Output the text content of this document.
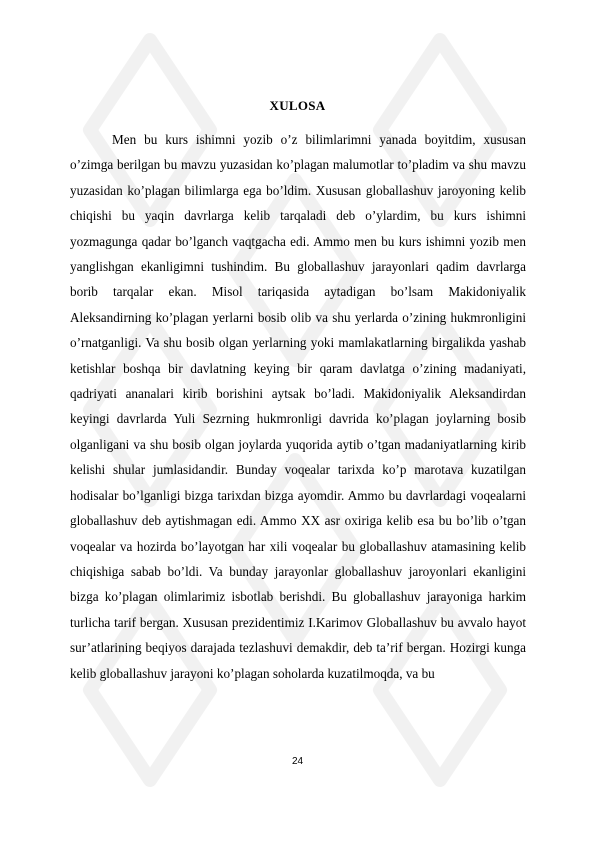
XULOSA

Men bu kurs ishimni yozib o’z bilimlarimni yanada boyitdim, xususan o’zimga berilgan bu mavzu yuzasidan ko’plagan malumotlar to’pladim va shu mavzu yuzasidan ko’plagan bilimlarga ega bo’ldim. Xususan globallashuv jaroyoning kelib chiqishi bu yaqin davrlarga kelib tarqaladi deb o’ylardim, bu kurs ishimni yozmagunga qadar bo’lganch vaqtgacha edi. Ammo men bu kurs ishimni yozib men yanglishgan ekanligimni tushindim. Bu globallashuv jarayonlari qadim davrlarga borib tarqalar ekan. Misol tariqasida aytadigan bo’lsam Makidoniyalik Aleksandirning ko’plagan yerlarni bosib olib va shu yerlarda o’zining hukmronligini o’rnatganligi. Va shu bosib olgan yerlarning yoki mamlakatlarning birgalikda yashab ketishlar boshqa bir davlatning keying bir qaram davlatga o’zining madaniyati, qadriyati ananalari kirib borishini aytsak bo’ladi. Makidoniyalik Aleksandirdan keyingi davrlarda Yuli Sezrning hukmronligi davrida ko’plagan joylarning bosib olganligani va shu bosib olgan joylarda yuqorida aytib o’tgan madaniyatlarning kirib kelishi shular jumlasidandir. Bunday voqealar tarixda ko’p marotava kuzatilgan hodisalar bo’lganligi bizga tarixdan bizga ayomdir. Ammo bu davrlardagi voqealarni globallashuv deb aytishmagan edi. Ammo XX asr oxiriga kelib esa bu bo’lib o’tgan voqealar va hozirda bo’layotgan har xili voqealar bu globallashuv atamasining kelib chiqishiga sabab bo’ldi. Va bunday jarayonlar globallashuv jaroyonlari ekanligini bizga ko’plagan olimlarimiz isbotlab berishdi. Bu globallashuv jarayoniga harkim turlicha tarif bergan. Xususan prezidentimiz I.Karimov Globallashuv bu avvalo hayot sur’atlarining beqiyos darajada tezlashuvi demakdir, deb ta’rif bergan. Hozirgi kunga kelib globallashuv jarayoni ko’plagan soholarda kuzatilmoqda, va bu

24
